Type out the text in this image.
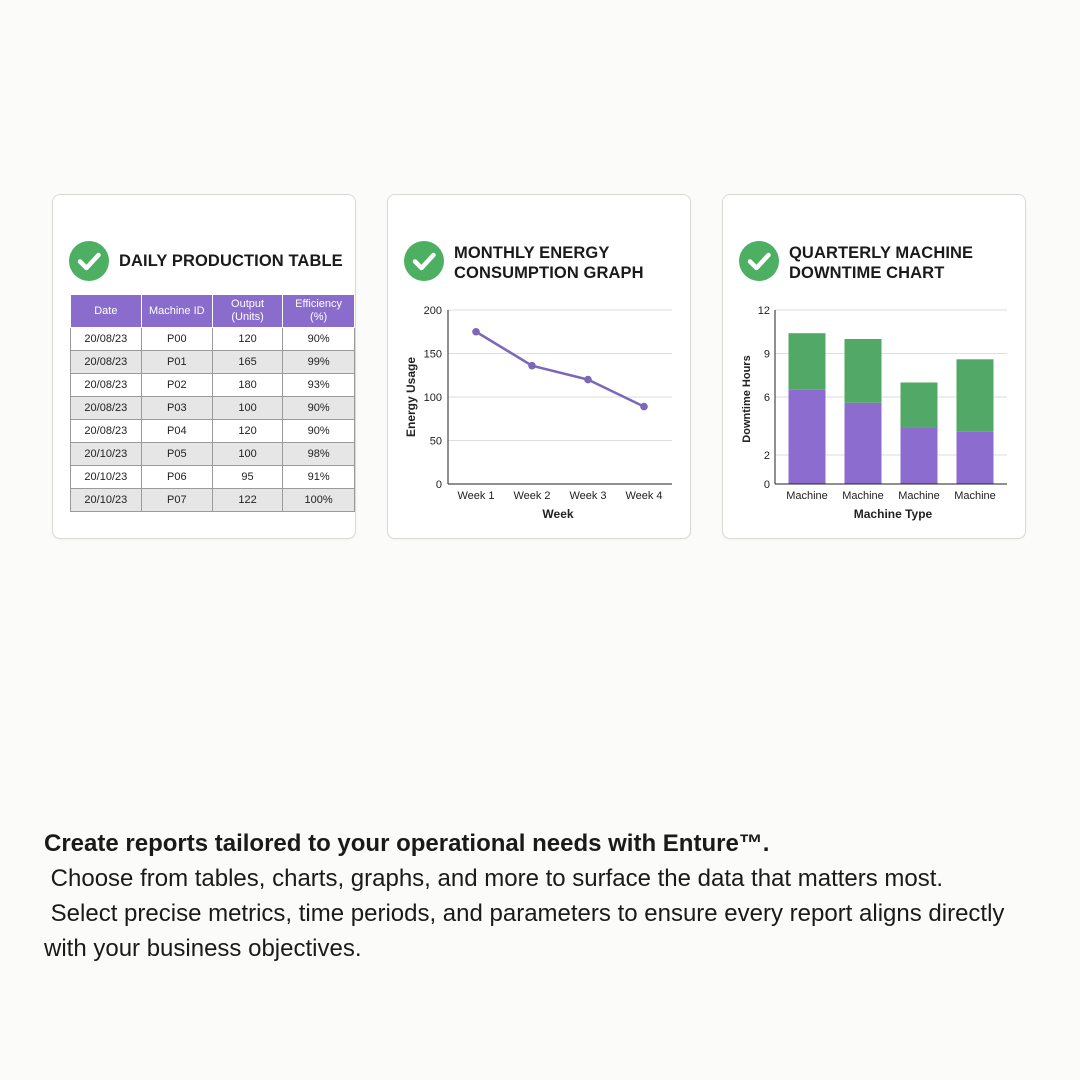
DAILY PRODUCTION TABLE
Date	Machine ID	Output (Units)	Efficiency (%)
20/08/23	P00	120	90%
20/08/23	P01	165	99%
20/08/23	P02	180	93%
20/08/23	P03	100	90%
20/08/23	P04	120	90%
20/10/23	P05	100	98%
20/10/23	P06	95	91%
20/10/23	P07	122	100%
MONTHLY ENERGY CONSUMPTION GRAPH
0
50
100
150
200
Week 1 Week 2 Week 3 Week 4
Week
Energy Usage
QUARTERLY MACHINE DOWNTIME CHART
0
2
6
9
12
Machine Machine Machine Machine
Machine Type
Downtime Hours
Create reports tailored to your operational needs with Enture™.
Choose from tables, charts, graphs, and more to surface the data that matters most.
Select precise metrics, time periods, and parameters to ensure every report aligns directly with your business objectives.
